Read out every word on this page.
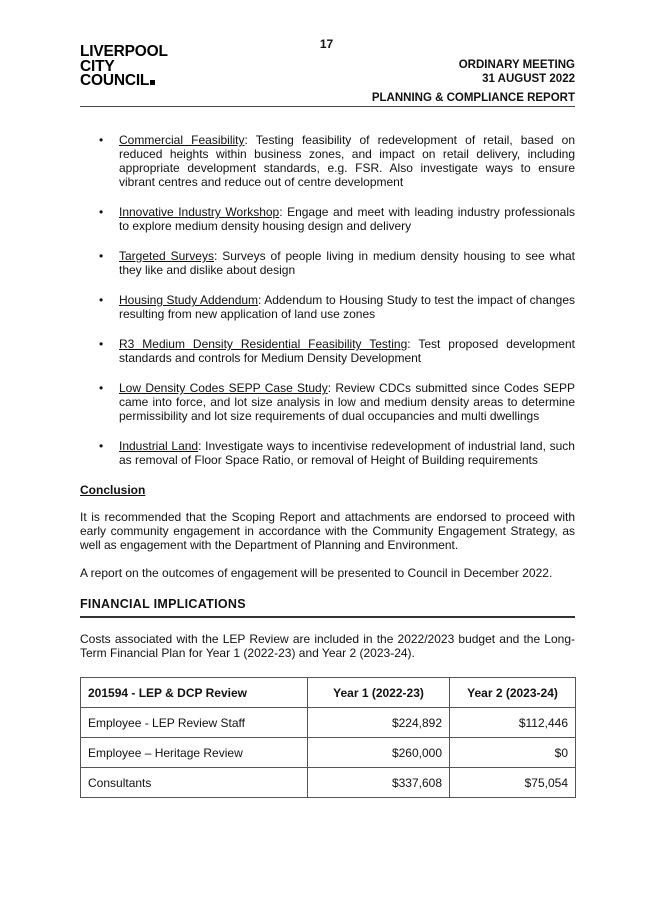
17
LIVERPOOL
CITY
COUNCIL
ORDINARY MEETING
31 AUGUST 2022
PLANNING & COMPLIANCE REPORT
• Commercial Feasibility: Testing feasibility of redevelopment of retail, based on reduced heights within business zones, and impact on retail delivery, including appropriate development standards, e.g. FSR. Also investigate ways to ensure vibrant centres and reduce out of centre development
• Innovative Industry Workshop: Engage and meet with leading industry professionals to explore medium density housing design and delivery
• Targeted Surveys: Surveys of people living in medium density housing to see what they like and dislike about design
• Housing Study Addendum: Addendum to Housing Study to test the impact of changes resulting from new application of land use zones
• R3 Medium Density Residential Feasibility Testing: Test proposed development standards and controls for Medium Density Development
• Low Density Codes SEPP Case Study: Review CDCs submitted since Codes SEPP came into force, and lot size analysis in low and medium density areas to determine permissibility and lot size requirements of dual occupancies and multi dwellings
• Industrial Land: Investigate ways to incentivise redevelopment of industrial land, such as removal of Floor Space Ratio, or removal of Height of Building requirements
Conclusion

It is recommended that the Scoping Report and attachments are endorsed to proceed with early community engagement in accordance with the Community Engagement Strategy, as well as engagement with the Department of Planning and Environment.

A report on the outcomes of engagement will be presented to Council in December 2022.

FINANCIAL IMPLICATIONS

Costs associated with the LEP Review are included in the 2022/2023 budget and the Long-Term Financial Plan for Year 1 (2022-23) and Year 2 (2023-24).

201594 - LEP & DCP Review	Year 1 (2022-23)	Year 2 (2023-24)
Employee - LEP Review Staff	$224,892	$112,446
Employee – Heritage Review	$260,000	$0
Consultants	$337,608	$75,054
